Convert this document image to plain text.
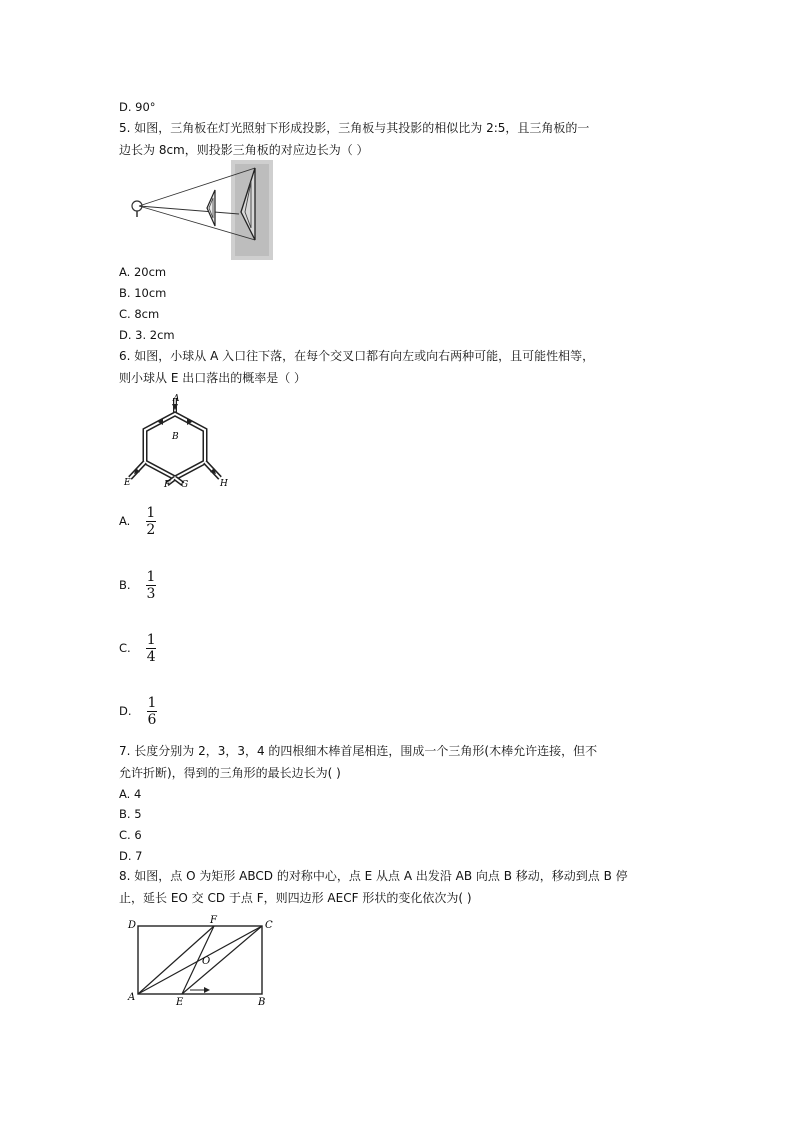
D. 90°
5. 如图，三角板在灯光照射下形成投影，三角板与其投影的相似比为 2:5，且三角板的一
边长为 8cm，则投影三角板的对应边长为（ ）
A. 20cm
B. 10cm
C. 8cm
D. 3. 2cm
6. 如图，小球从 A 入口往下落，在每个交叉口都有向左或向右两种可能，且可能性相等，
则小球从 E 出口落出的概率是（ ）
A
B
E	F G	H
A. $\frac{1}{2}$
B. $\frac{1}{3}$
C. $\frac{1}{4}$
D. $\frac{1}{6}$
7. 长度分别为 2，3，3，4 的四根细木棒首尾相连，围成一个三角形(木棒允许连接，但不
允许折断)，得到的三角形的最长边长为( )
A. 4
B. 5
C. 6
D. 7
8. 如图，点 O 为矩形 ABCD 的对称中心，点 E 从点 A 出发沿 AB 向点 B 移动，移动到点 B 停
止，延长 EO 交 CD 于点 F，则四边形 AECF 形状的变化依次为( )
D	F	C
O
A	E	B
